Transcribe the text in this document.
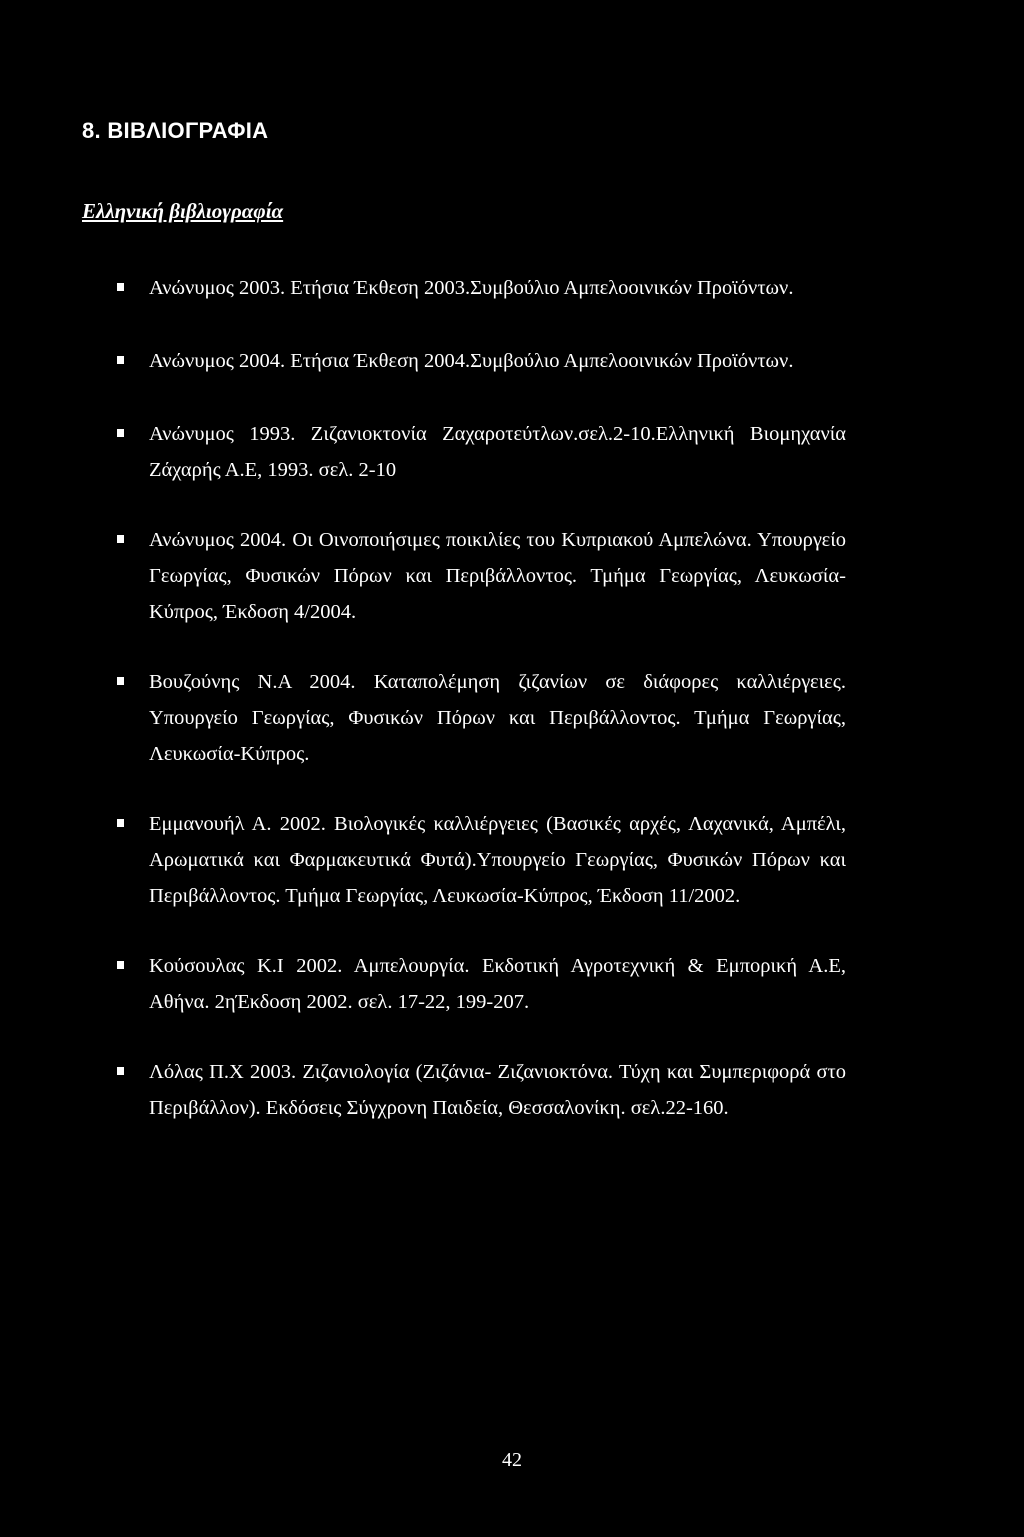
8. ΒΙΒΛΙΟΓΡΑΦΙΑ
Ελληνική βιβλιογραφία
Ανώνυμος 2003. Ετήσια Έκθεση 2003.Συμβούλιο Αμπελοοινικών Προϊόντων.
Ανώνυμος 2004. Ετήσια Έκθεση 2004.Συμβούλιο Αμπελοοινικών Προϊόντων.
Ανώνυμος 1993. Ζιζανιοκτονία Ζαχαροτεύτλων.σελ.2-10.Ελληνική Βιομηχανία Ζάχαρής Α.Ε, 1993. σελ. 2-10
Ανώνυμος 2004. Οι Οινοποιήσιμες ποικιλίες του Κυπριακού Αμπελώνα. Υπουργείο Γεωργίας, Φυσικών Πόρων και Περιβάλλοντος. Τμήμα Γεωργίας, Λευκωσία-Κύπρος, Έκδοση 4/2004.
Βουζούνης Ν.Α 2004. Καταπολέμηση ζιζανίων σε διάφορες καλλιέργειες. Υπουργείο Γεωργίας, Φυσικών Πόρων και Περιβάλλοντος. Τμήμα Γεωργίας, Λευκωσία-Κύπρος.
Εμμανουήλ Α. 2002. Βιολογικές καλλιέργειες (Βασικές αρχές, Λαχανικά, Αμπέλι, Αρωματικά και Φαρμακευτικά Φυτά).Υπουργείο Γεωργίας, Φυσικών Πόρων και Περιβάλλοντος. Τμήμα Γεωργίας, Λευκωσία-Κύπρος, Έκδοση 11/2002.
Κούσουλας Κ.Ι 2002. Αμπελουργία. Εκδοτική Αγροτεχνική & Εμπορική Α.Ε, Αθήνα. 2ηΈκδοση 2002. σελ. 17-22, 199-207.
Λόλας Π.Χ 2003. Ζιζανιολογία (Ζιζάνια- Ζιζανιοκτόνα. Τύχη και Συμπεριφορά στο Περιβάλλον). Εκδόσεις Σύγχρονη Παιδεία, Θεσσαλονίκη. σελ.22-160.
42
